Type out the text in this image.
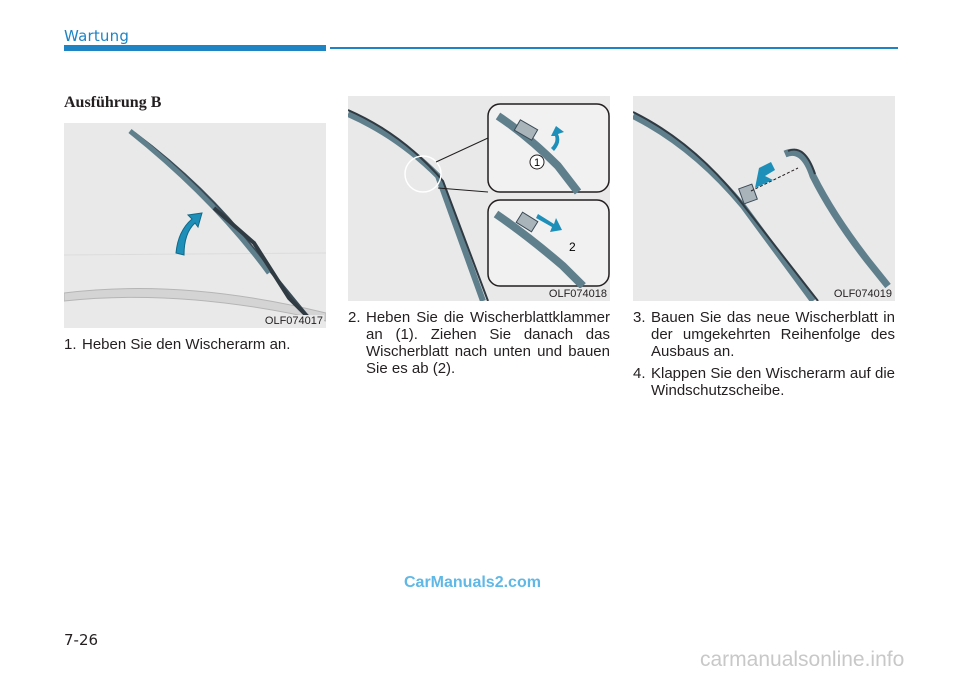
Wartung
Ausführung B
OLF074017
1
2
OLF074018	OLF074019
1. Heben Sie den Wischerarm an.
2. Heben Sie die Wischerblattklammer an (1). Ziehen Sie danach das Wischerblatt nach unten und bauen Sie es ab (2).
3. Bauen Sie das neue Wischerblatt in der umgekehrten Reihenfolge des Ausbaus an.
4. Klappen Sie den Wischerarm auf die Windschutzscheibe.
CarManuals2.com
7-26
carmanualsonline.info
